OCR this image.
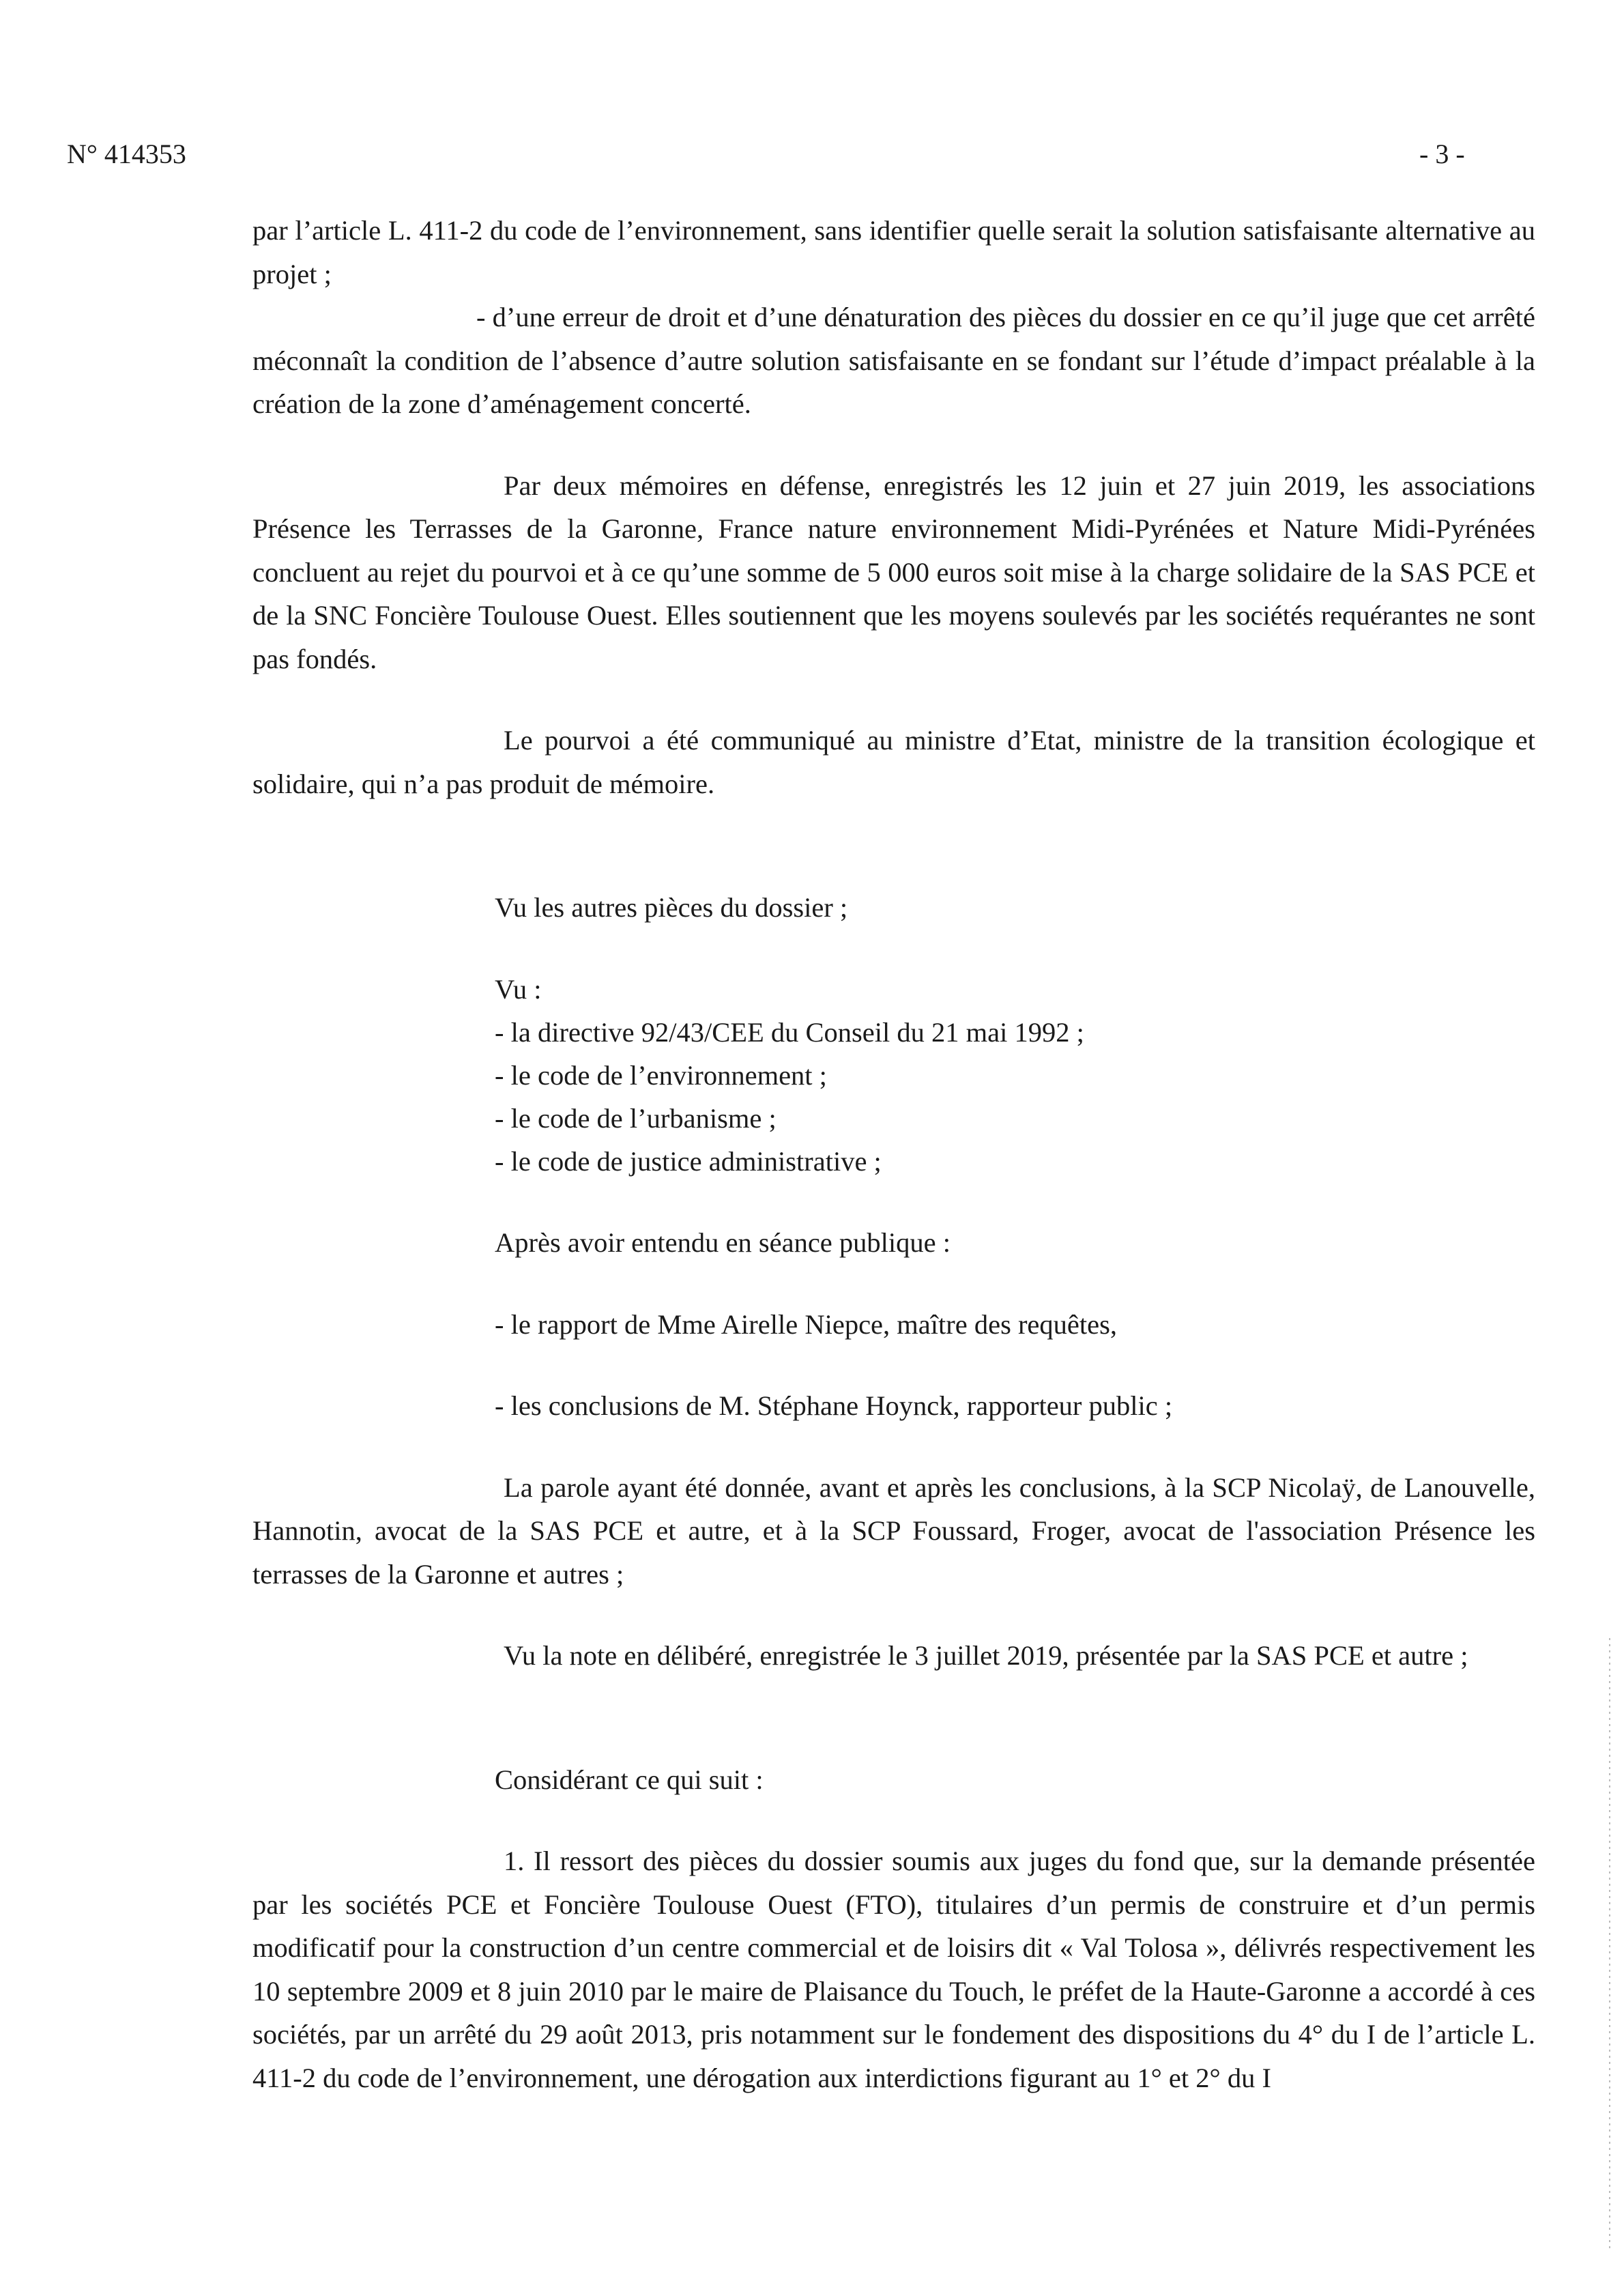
N° 414353	- 3 -

par l’article L. 411-2 du code de l’environnement, sans identifier quelle serait la solution satisfaisante alternative au projet ;

- d’une erreur de droit et d’une dénaturation des pièces du dossier en ce qu’il juge que cet arrêté méconnaît la condition de l’absence d’autre solution satisfaisante en se fondant sur l’étude d’impact préalable à la création de la zone d’aménagement concerté.

Par deux mémoires en défense, enregistrés les 12 juin et 27 juin 2019, les associations Présence les Terrasses de la Garonne, France nature environnement Midi-Pyrénées et Nature Midi-Pyrénées concluent au rejet du pourvoi et à ce qu’une somme de 5 000 euros soit mise à la charge solidaire de la SAS PCE et de la SNC Foncière Toulouse Ouest. Elles soutiennent que les moyens soulevés par les sociétés requérantes ne sont pas fondés.

Le pourvoi a été communiqué au ministre d’Etat, ministre de la transition écologique et solidaire, qui n’a pas produit de mémoire.

Vu les autres pièces du dossier ;

Vu :

- la directive 92/43/CEE du Conseil du 21 mai 1992 ;
- le code de l’environnement ;
- le code de l’urbanisme ;
- le code de justice administrative ;

Après avoir entendu en séance publique :

- le rapport de Mme Airelle Niepce, maître des requêtes,

- les conclusions de M. Stéphane Hoynck, rapporteur public ;

La parole ayant été donnée, avant et après les conclusions, à la SCP Nicolaÿ, de Lanouvelle, Hannotin, avocat de la SAS PCE et autre, et à la SCP Foussard, Froger, avocat de l'association Présence les terrasses de la Garonne et autres ;

Vu la note en délibéré, enregistrée le 3 juillet 2019, présentée par la SAS PCE et autre ;

Considérant ce qui suit :

1. Il ressort des pièces du dossier soumis aux juges du fond que, sur la demande présentée par les sociétés PCE et Foncière Toulouse Ouest (FTO), titulaires d’un permis de construire et d’un permis modificatif pour la construction d’un centre commercial et de loisirs dit « Val Tolosa », délivrés respectivement les 10 septembre 2009 et 8 juin 2010 par le maire de Plaisance du Touch, le préfet de la Haute-Garonne a accordé à ces sociétés, par un arrêté du 29 août 2013, pris notamment sur le fondement des dispositions du 4° du I de l’article L. 411-2 du code de l’environnement, une dérogation aux interdictions figurant au 1° et 2° du I
